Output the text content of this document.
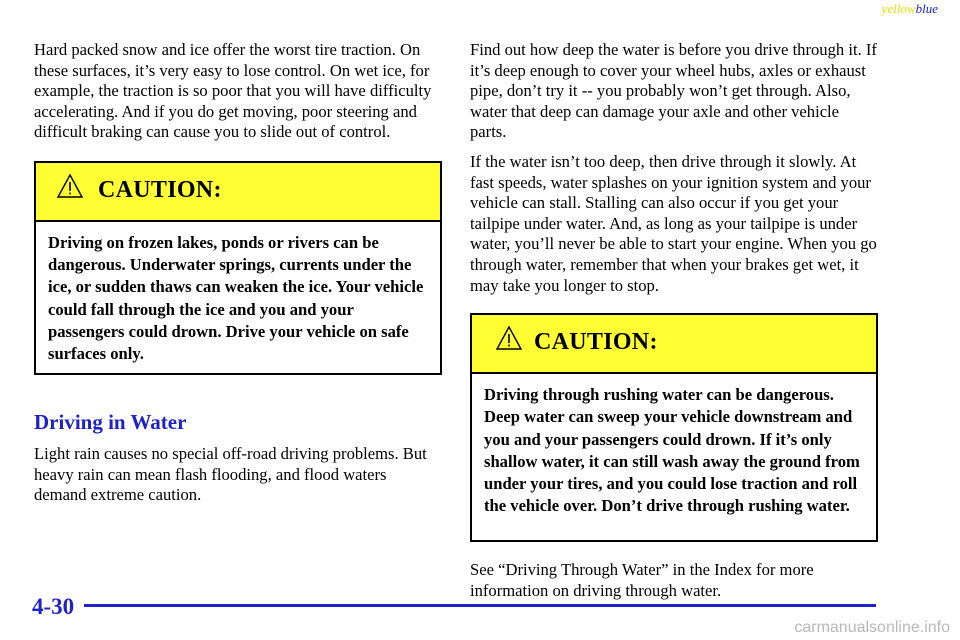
yellowblue

Hard packed snow and ice offer the worst tire traction. On these surfaces, it’s very easy to lose control. On wet ice, for example, the traction is so poor that you will have difficulty accelerating. And if you do get moving, poor steering and difficult braking can cause you to slide out of control.

CAUTION:
Driving on frozen lakes, ponds or rivers can be dangerous. Underwater springs, currents under the ice, or sudden thaws can weaken the ice. Your vehicle could fall through the ice and you and your passengers could drown. Drive your vehicle on safe surfaces only.
Driving in Water

Light rain causes no special off-road driving problems. But heavy rain can mean flash flooding, and flood waters demand extreme caution.

Find out how deep the water is before you drive through it. If it’s deep enough to cover your wheel hubs, axles or exhaust pipe, don’t try it -- you probably won’t get through. Also, water that deep can damage your axle and other vehicle parts.

If the water isn’t too deep, then drive through it slowly. At fast speeds, water splashes on your ignition system and your vehicle can stall. Stalling can also occur if you get your tailpipe under water. And, as long as your tailpipe is under water, you’ll never be able to start your engine. When you go through water, remember that when your brakes get wet, it may take you longer to stop.

CAUTION:
Driving through rushing water can be dangerous. Deep water can sweep your vehicle downstream and you and your passengers could drown. If it’s only shallow water, it can still wash away the ground from under your tires, and you could lose traction and roll the vehicle over. Don’t drive through rushing water.

See “Driving Through Water” in the Index for more information on driving through water.

4-30
carmanualsonline.info
